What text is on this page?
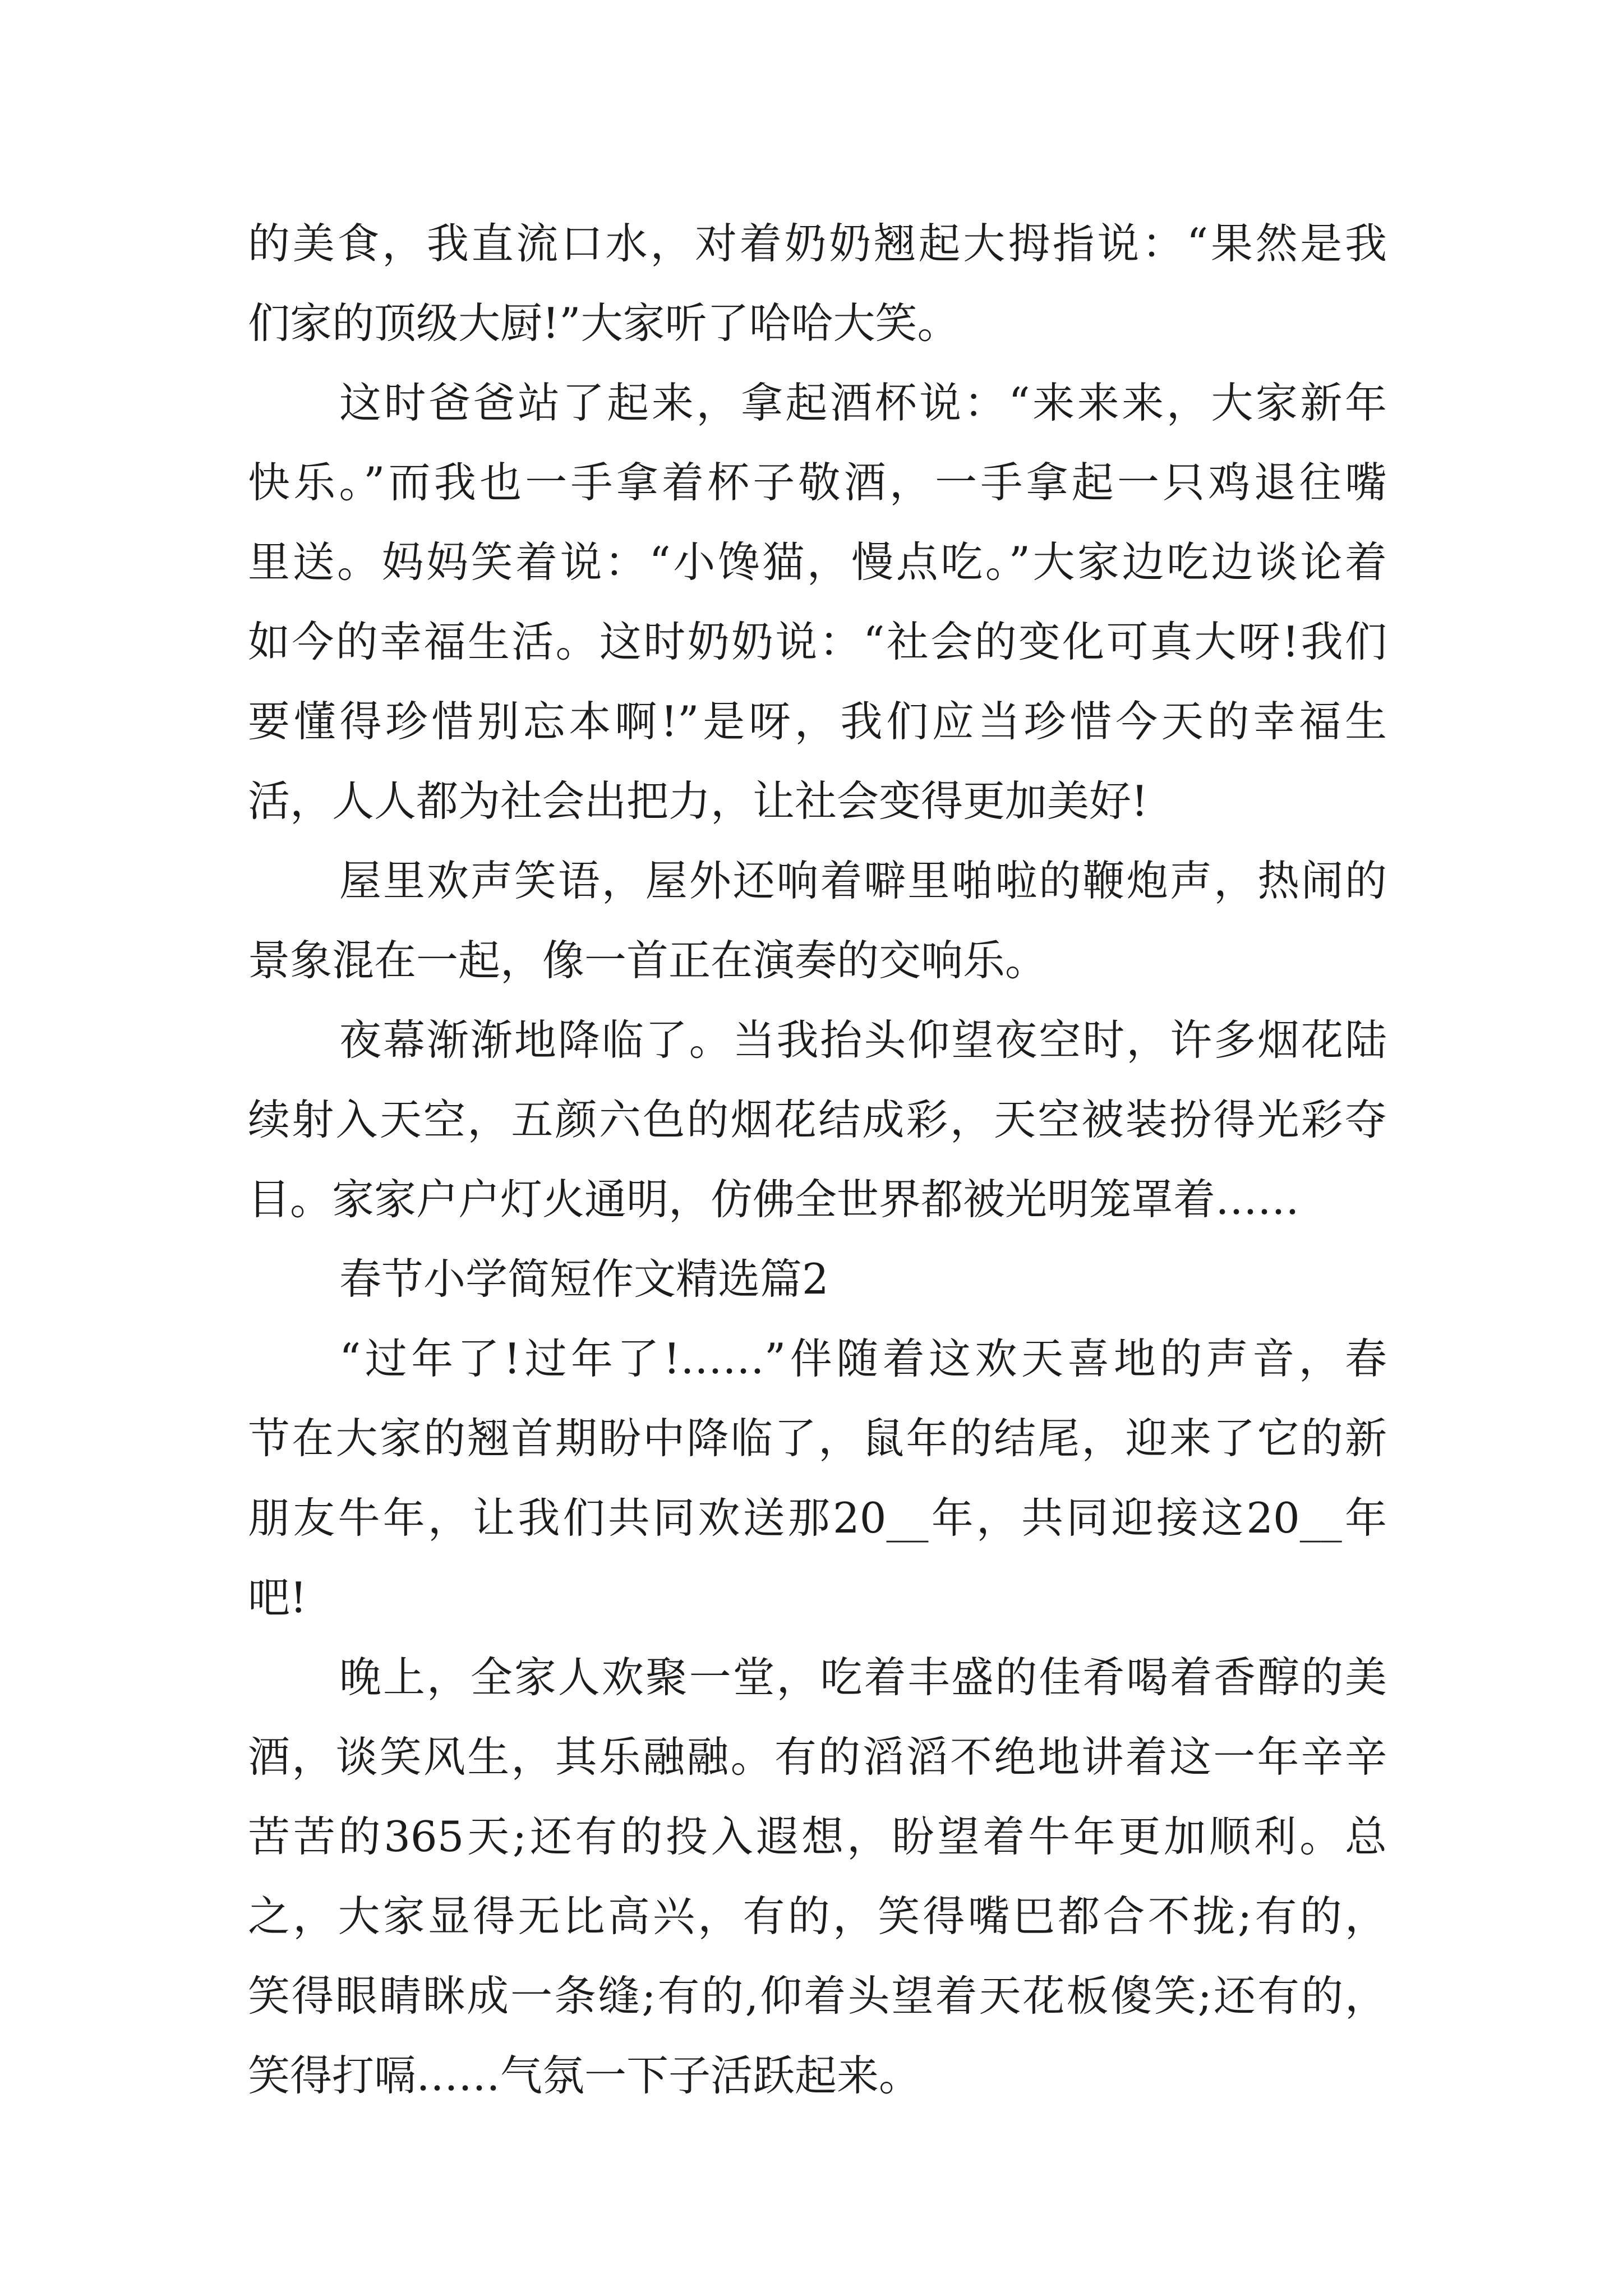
的美食，我直流口水，对着奶奶翘起大拇指说：“果然是我
们家的顶级大厨!”大家听了哈哈大笑。
这时爸爸站了起来，拿起酒杯说：“来来来，大家新年
快乐。”而我也一手拿着杯子敬酒，一手拿起一只鸡退往嘴
里送。妈妈笑着说：“小馋猫，慢点吃。”大家边吃边谈论着
如今的幸福生活。这时奶奶说：“社会的变化可真大呀!我们
要懂得珍惜别忘本啊!”是呀，我们应当珍惜今天的幸福生
活，人人都为社会出把力，让社会变得更加美好!
屋里欢声笑语，屋外还响着噼里啪啦的鞭炮声，热闹的
景象混在一起，像一首正在演奏的交响乐。
夜幕渐渐地降临了。当我抬头仰望夜空时，许多烟花陆
续射入天空，五颜六色的烟花结成彩，天空被装扮得光彩夺
目。家家户户灯火通明，仿佛全世界都被光明笼罩着……
春节小学简短作文精选篇2
“过年了!过年了!……”伴随着这欢天喜地的声音，春
节在大家的翘首期盼中降临了，鼠年的结尾，迎来了它的新
朋友牛年，让我们共同欢送那20__年，共同迎接这20__年
吧!
晚上，全家人欢聚一堂，吃着丰盛的佳肴喝着香醇的美
酒，谈笑风生，其乐融融。有的滔滔不绝地讲着这一年辛辛
苦苦的365天;还有的投入遐想，盼望着牛年更加顺利。总
之，大家显得无比高兴，有的，笑得嘴巴都合不拢;有的，
笑得眼睛眯成一条缝;有的,仰着头望着天花板傻笑;还有的，
笑得打嗝……气氛一下子活跃起来。
